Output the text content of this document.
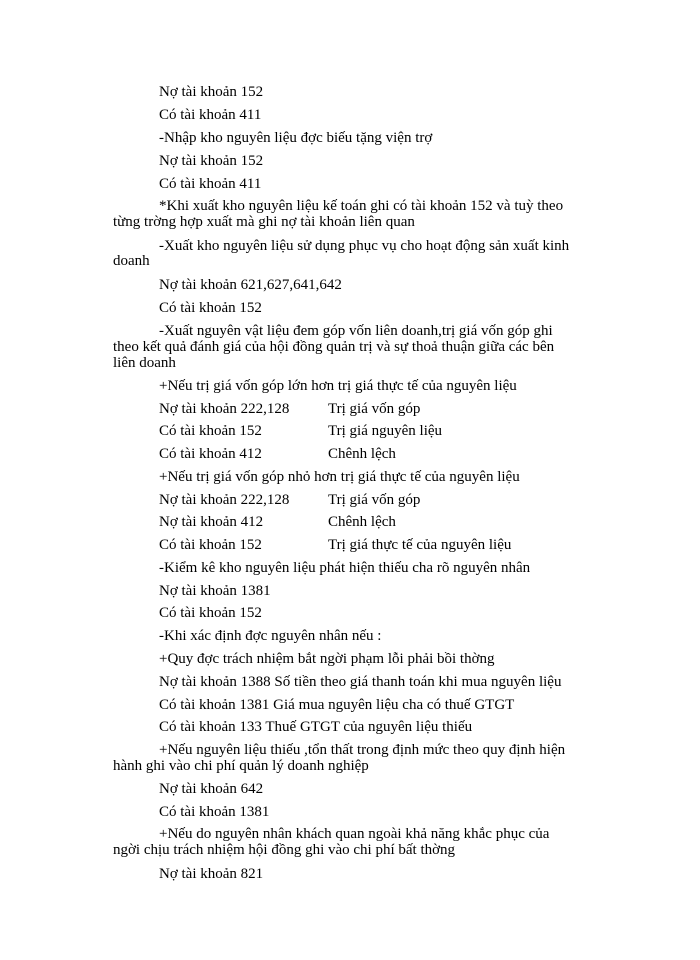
Nợ tài khoản 152
Có tài khoản 411
-Nhập kho nguyên liệu đợc biếu tặng viện trợ
Nợ tài khoản 152
Có tài khoản 411
*Khi xuất kho nguyên liệu kế toán ghi có tài khoản 152 và tuỳ theo
từng trờng hợp xuất mà ghi nợ tài khoản liên quan
-Xuất kho nguyên liệu sử dụng phục vụ cho hoạt động sản xuất kinh
doanh
Nợ tài khoản 621,627,641,642
Có tài khoản 152
-Xuất nguyên vật liệu đem góp vốn liên doanh,trị giá vốn góp ghi
theo kết quả đánh giá của hội đồng quản trị và sự thoả thuận giữa các bên
liên doanh
+Nếu trị giá vốn góp lớn hơn trị giá thực tế của nguyên liệu
Nợ tài khoản 222,128	Trị giá vốn góp
Có tài khoản 152	Trị giá nguyên liệu
Có tài khoản 412	Chênh lệch
+Nếu trị giá vốn góp nhỏ hơn trị giá thực tế của nguyên liệu
Nợ tài khoản 222,128	Trị giá vốn góp
Nợ tài khoản 412	Chênh lệch
Có tài khoản 152	Trị giá thực tế của nguyên liệu
-Kiểm kê kho nguyên liệu phát hiện thiếu cha rõ nguyên nhân
Nợ tài khoản 1381
Có tài khoản 152
-Khi xác định đợc nguyên nhân nếu :
+Quy đợc trách nhiệm bắt ngời phạm lỗi phải bồi thờng
Nợ tài khoản 1388 Số tiền theo giá thanh toán khi mua nguyên liệu
Có tài khoản 1381 Giá mua nguyên liệu cha có thuế GTGT
Có tài khoản 133 Thuế GTGT của nguyên liệu thiếu
+Nếu nguyên liệu thiếu ,tổn thất trong định mức theo quy định hiện
hành ghi vào chi phí quản lý doanh nghiệp
Nợ tài khoản 642
Có tài khoản 1381
+Nếu do nguyên nhân khách quan ngoài khả năng khắc phục của
ngời chịu trách nhiệm hội đồng ghi vào chi phí bất thờng
Nợ tài khoản 821
